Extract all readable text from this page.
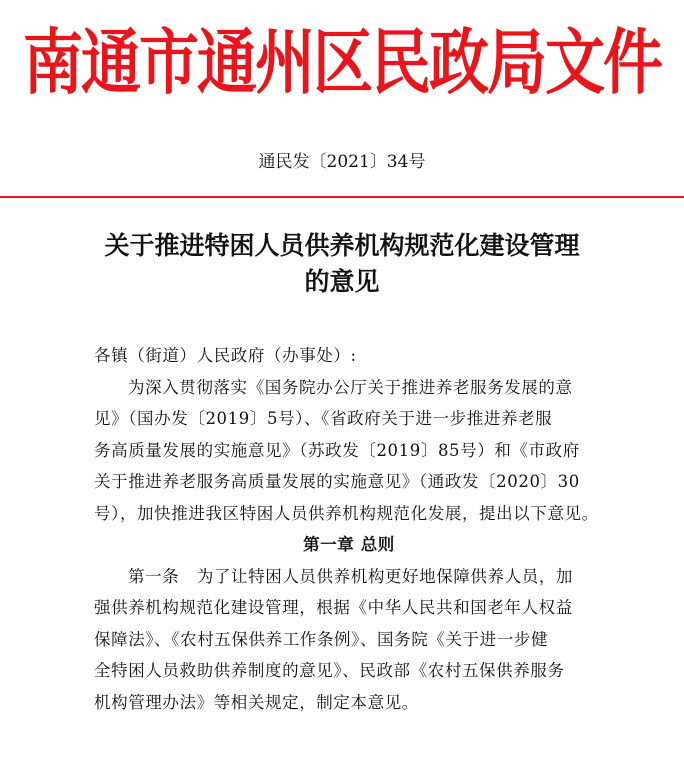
南通市通州区民政局文件
通民发〔2021〕34号
关于推进特困人员供养机构规范化建设管理
的意见

各镇（街道）人民政府（办事处）:

为深入贯彻落实《国务院办公厅关于推进养老服务发展的意

见》（国办发〔2019〕5号）、《省政府关于进一步推进养老服

务高质量发展的实施意见》（苏政发〔2019〕85号）和《市政府

关于推进养老服务高质量发展的实施意见》（通政发〔2020〕30

号），加快推进我区特困人员供养机构规范化发展，提出以下意见。

第一章 总则

第一条   为了让特困人员供养机构更好地保障供养人员，加

强供养机构规范化建设管理，根据《中华人民共和国老年人权益

保障法》、《农村五保供养工作条例》、国务院《关于进一步健

全特困人员救助供养制度的意见》、民政部《农村五保供养服务

机构管理办法》等相关规定，制定本意见。
